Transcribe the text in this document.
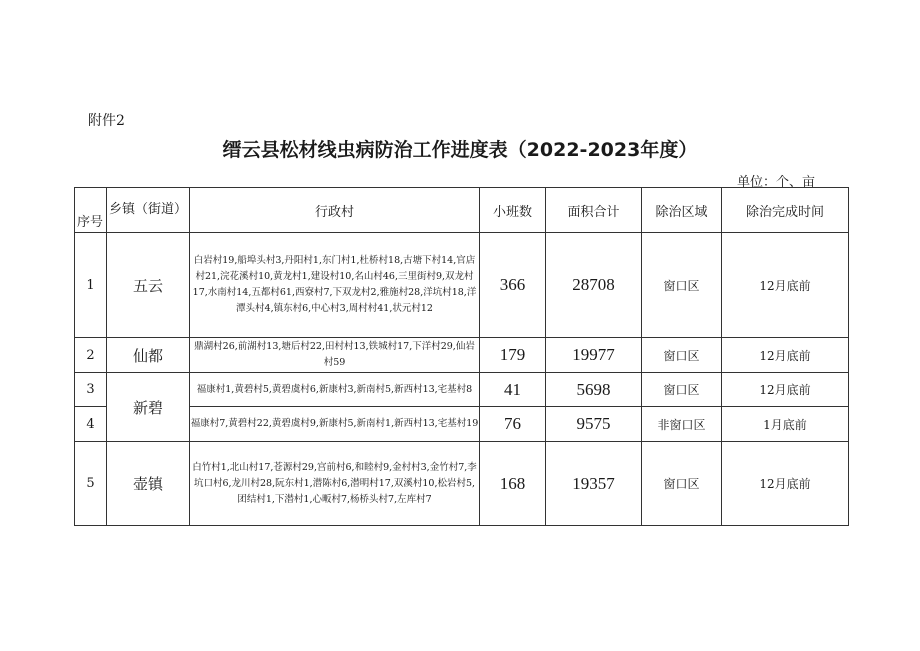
附件2
缙云县松材线虫病防治工作进度表（2022-2023年度）
单位：个、亩
序号	乡镇（街道）	行政村	小班数	面积合计	除治区域	除治完成时间
1	五云	白岩村19,船埠头村3,丹阳村1,东门村1,杜桥村18,古塘下村14,官店村21,浣花溪村10,黄龙村1,建设村10,名山村46,三里街村9,双龙村17,水南村14,五都村61,西寮村7,下双龙村2,雅施村28,洋坑村18,洋潭头村4,镇东村6,中心村3,周村村41,状元村12	366	28708	窗口区	12月底前
2	仙都	鼎湖村26,前湖村13,塘后村22,田村村13,铁城村17,下洋村29,仙岩村59	179	19977	窗口区	12月底前
3	新碧	福康村1,黄碧村5,黄碧虞村6,新康村3,新南村5,新西村13,宅基村8	41	5698	窗口区	12月底前
4		福康村7,黄碧村22,黄碧虞村9,新康村5,新南村1,新西村13,宅基村19	76	9575	非窗口区	1月底前
5	壶镇	白竹村1,北山村17,苍源村29,宫前村6,和睦村9,金村村3,金竹村7,李坑口村6,龙川村28,阮东村1,潜陈村6,潜明村17,双溪村10,松岩村5,团结村1,下潜村1,心畈村7,杨桥头村7,左库村7	168	19357	窗口区	12月底前
